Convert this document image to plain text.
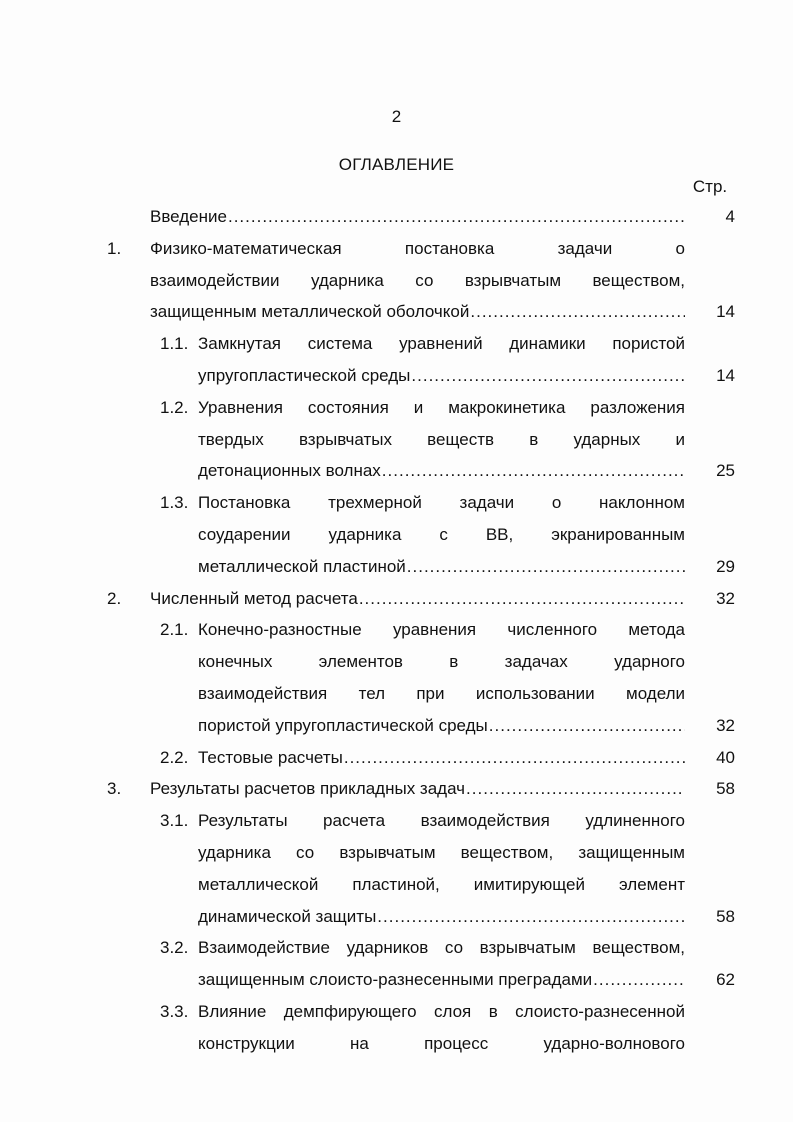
2
ОГЛАВЛЕНИЕ
Стр.
Введение .....	4
1. Физико-математическая постановка задачи о
взаимодействии ударника со взрывчатым веществом,
защищенным металлической оболочкой .....	14
1.1. Замкнутая система уравнений динамики пористой
упругопластической среды .....	14
1.2. Уравнения состояния и макрокинетика разложения
твердых взрывчатых веществ в ударных и
детонационных волнах .....	25
1.3. Постановка трехмерной задачи о наклонном
соударении ударника с ВВ, экранированным
металлической пластиной .....	29
2. Численный метод расчета .....	32
2.1. Конечно-разностные уравнения численного метода
конечных элементов в задачах ударного
взаимодействия тел при использовании модели
пористой упругопластической среды .....	32
2.2. Тестовые расчеты .....	40
3. Результаты расчетов прикладных задач .....	58
3.1. Результаты расчета взаимодействия удлиненного
ударника со взрывчатым веществом, защищенным
металлической пластиной, имитирующей элемент
динамической защиты .....	58
3.2. Взаимодействие ударников со взрывчатым веществом,
защищенным слоисто-разнесенными преградами .....	62
3.3. Влияние демпфирующего слоя в слоисто-разнесенной
конструкции на процесс ударно-волнового
